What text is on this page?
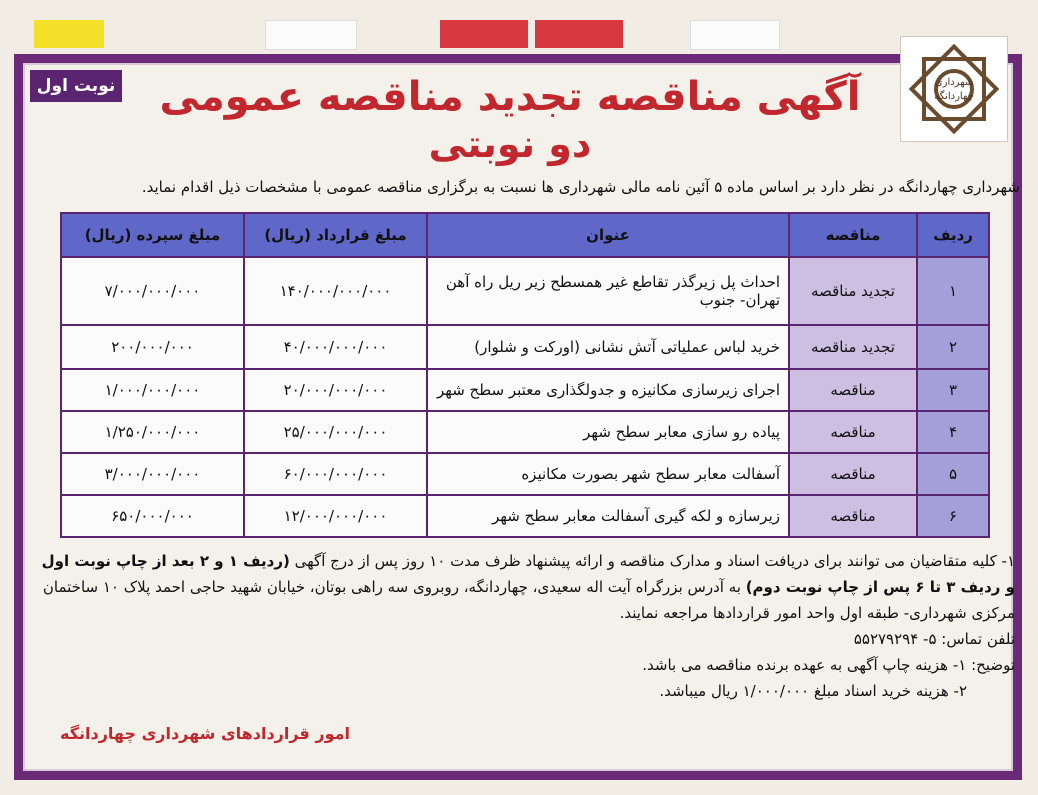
نوبت اول	شهرداری
چهاردانگه
آگهی مناقصه تجدید مناقصه عمومی
دو نوبتی
شهرداری چهاردانگه در نظر دارد بر اساس ماده ۵ آئین نامه مالی شهرداری ها نسبت به برگزاری مناقصه عمومی با مشخصات ذیل اقدام نماید.
ردیف	مناقصه	عنوان	مبلغ قرارداد (ریال)	مبلغ سپرده (ریال)
۱	تجدید مناقصه	احداث پل زیرگذر تقاطع غیر همسطح زیر ریل راه آهن تهران- جنوب	۱۴۰/۰۰۰/۰۰۰/۰۰۰	۷/۰۰۰/۰۰۰/۰۰۰
۲	تجدید مناقصه	خرید لباس عملیاتی آتش نشانی (اورکت و شلوار)	۴۰/۰۰۰/۰۰۰/۰۰۰	۲۰۰/۰۰۰/۰۰۰
۳	مناقصه	اجرای زیرسازی مکانیزه و جدولگذاری معتبر سطح شهر	۲۰/۰۰۰/۰۰۰/۰۰۰	۱/۰۰۰/۰۰۰/۰۰۰
۴	مناقصه	پیاده رو سازی معابر سطح شهر	۲۵/۰۰۰/۰۰۰/۰۰۰	۱/۲۵۰/۰۰۰/۰۰۰
۵	مناقصه	آسفالت معابر سطح شهر بصورت مکانیزه	۶۰/۰۰۰/۰۰۰/۰۰۰	۳/۰۰۰/۰۰۰/۰۰۰
۶	مناقصه	زیرسازه و لکه گیری آسفالت معابر سطح شهر	۱۲/۰۰۰/۰۰۰/۰۰۰	۶۵۰/۰۰۰/۰۰۰
۱- کلیه متقاضیان می توانند برای دریافت اسناد و مدارک مناقصه و ارائه پیشنهاد ظرف مدت ۱۰ روز پس از درج آگهی (ردیف ۱ و ۲ بعد از چاپ نوبت اول و ردیف ۳ تا ۶ پس از چاپ نوبت دوم) به آدرس بزرگراه آیت اله سعیدی، چهاردانگه، روبروی سه راهی بوتان، خیابان شهید حاجی احمد پلاک ۱۰ ساختمان مرکزی شهرداری- طبقه اول واحد امور قراردادها مراجعه نمایند.
تلفن تماس: ۵- ۵۵۲۷۹۲۹۴
توضیح: ۱- هزینه چاپ آگهی به عهده برنده مناقصه می باشد.
۲- هزینه خرید اسناد مبلغ ۱/۰۰۰/۰۰۰ ریال میباشد.
امور قراردادهای شهرداری چهاردانگه
